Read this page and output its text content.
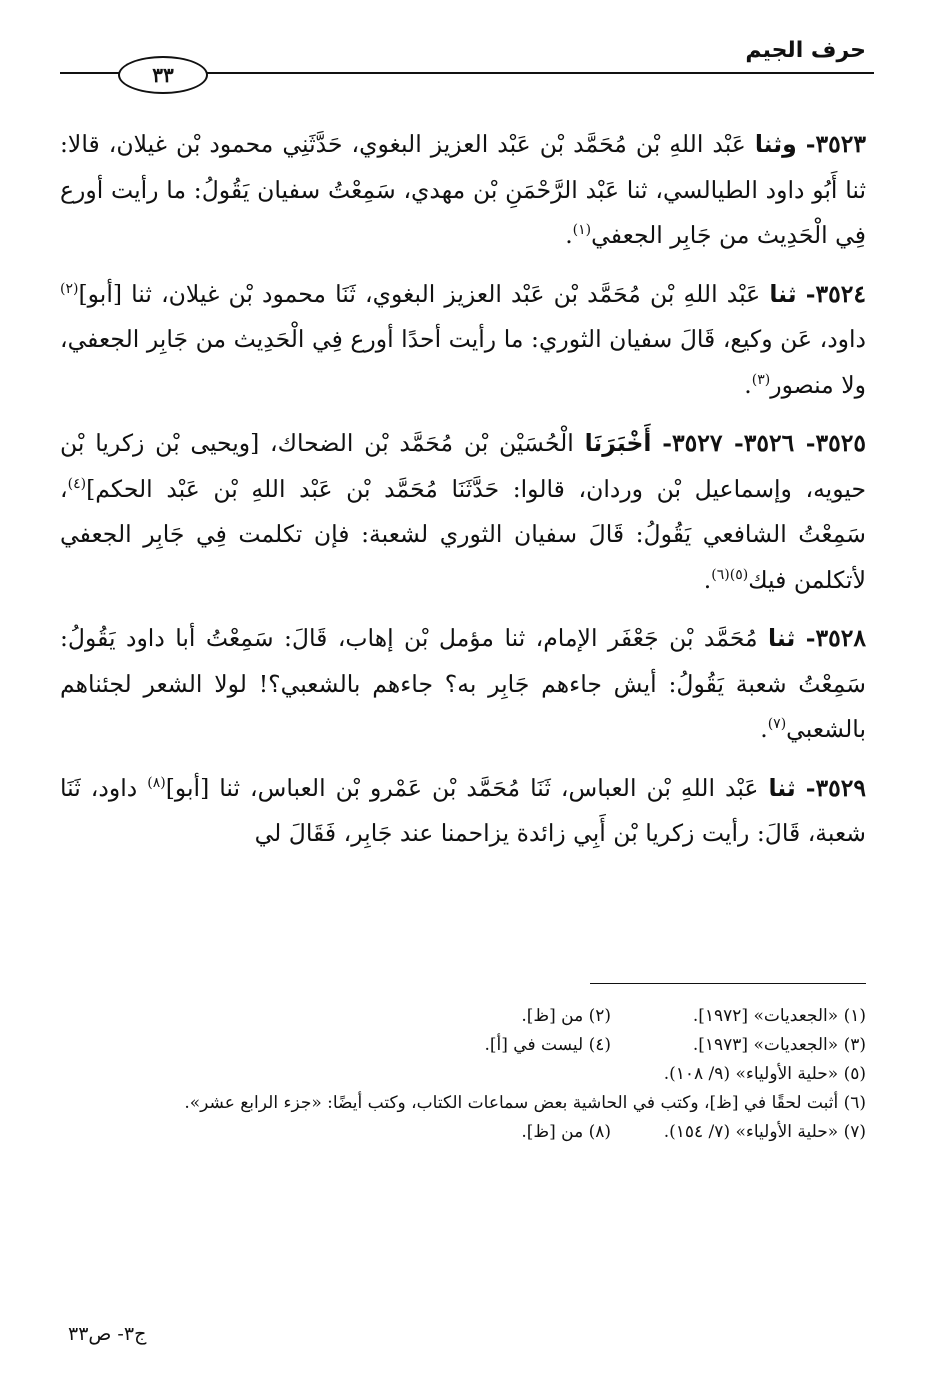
حرف الجيم
٣٣

٣٥٢٣- وثنا عَبْد اللهِ بْن مُحَمَّد بْن عَبْد العزيز البغوي، حَدَّثَنِي محمود بْن غيلان، قالا: ثنا أَبُو داود الطيالسي، ثنا عَبْد الرَّحْمَنِ بْن مهدي، سَمِعْتُ سفيان يَقُولُ: ما رأيت أورع فِي الْحَدِيث من جَابِر الجعفي$^{(١)}$.

٣٥٢٤- ثنا عَبْد اللهِ بْن مُحَمَّد بْن عَبْد العزيز البغوي، ثَنَا محمود بْن غيلان، ثنا [أبو]$^{(٢)}$ داود، عَن وكيع، قَالَ سفيان الثوري: ما رأيت أحدًا أورع فِي الْحَدِيث من جَابِر الجعفي، ولا منصور$^{(٣)}$.

٣٥٢٥- ٣٥٢٦- ٣٥٢٧- أَخْبَرَنَا الْحُسَيْن بْن مُحَمَّد بْن الضحاك، [ويحيى بْن زكريا بْن حيويه، وإسماعيل بْن وردان، قالوا: حَدَّثَنَا مُحَمَّد بْن عَبْد اللهِ بْن عَبْد الحكم]$^{(٤)}$، سَمِعْتُ الشافعي يَقُولُ: قَالَ سفيان الثوري لشعبة: فإن تكلمت فِي جَابِر الجعفي لأتكلمن فيك$^{(٥)(٦)}$.

٣٥٢٨- ثنا مُحَمَّد بْن جَعْفَر الإمام، ثنا مؤمل بْن إهاب، قَالَ: سَمِعْتُ أبا داود يَقُولُ: سَمِعْتُ شعبة يَقُولُ: أيش جاءهم جَابِر به؟ جاءهم بالشعبي؟! لولا الشعر لجئناهم بالشعبي$^{(٧)}$.

٣٥٢٩- ثنا عَبْد اللهِ بْن العباس، ثَنَا مُحَمَّد بْن عَمْرو بْن العباس، ثنا [أبو]$^{(٨)}$ داود، ثَنَا شعبة، قَالَ: رأيت زكريا بْن أَبِي زائدة يزاحمنا عند جَابِر، فَقَالَ لي

(١) «الجعديات» [١٩٧٢].
(٢) من [ظ].
(٣) «الجعديات» [١٩٧٣].
(٤) ليست في [أ].
(٥) «حلية الأولياء» (٩/ ١٠٨).
(٦) أثبت لحقًا في [ظ]، وكتب في الحاشية بعض سماعات الكتاب، وكتب أيضًا: «جزء الرابع عشر».
(٧) «حلية الأولياء» (٧/ ١٥٤).
(٨) من [ظ].
ج٣- ص٣٣
